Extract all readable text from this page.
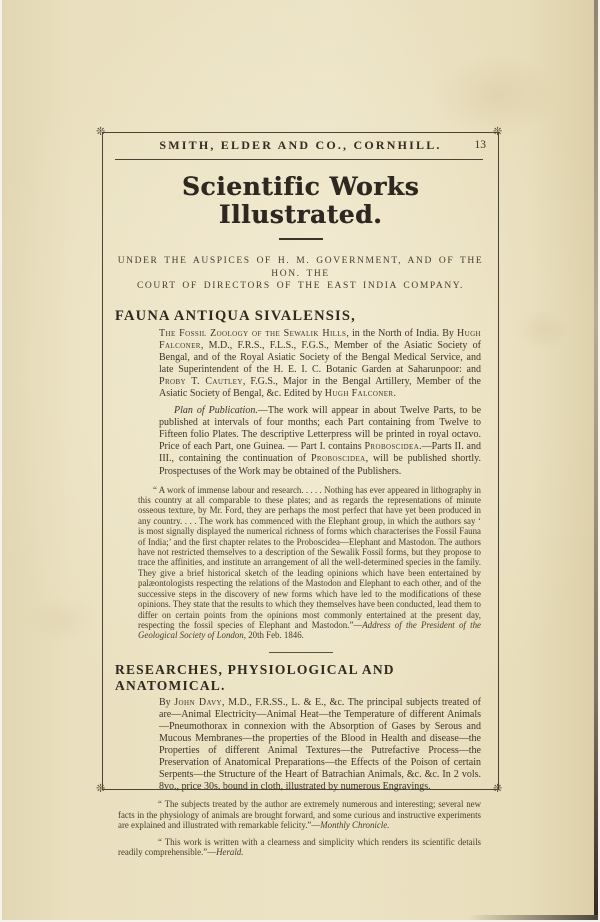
❊	❊
❊	❊
SMITH, ELDER AND CO., CORNHILL.	13
Scientific Works Illustrated.
UNDER THE AUSPICES OF H. M. GOVERNMENT, AND OF THE HON. THE
COURT OF DIRECTORS OF THE EAST INDIA COMPANY.
FAUNA ANTIQUA SIVALENSIS,
The Fossil Zoology of the Sewalik Hills, in the North of India. By Hugh Falconer, M.D., F.R.S., F.L.S., F.G.S., Member of the Asiatic Society of Bengal, and of the Royal Asiatic Society of the Bengal Medical Service, and late Superintendent of the H. E. I. C. Botanic Garden at Saharunpoor: and Proby T. Cautley, F.G.S., Major in the Bengal Artillery, Member of the Asiatic Society of Bengal, &c. Edited by Hugh Falconer.
Plan of Publication.—The work will appear in about Twelve Parts, to be published at intervals of four months; each Part containing from Twelve to Fifteen folio Plates. The descriptive Letterpress will be printed in royal octavo. Price of each Part, one Guinea. — Part I. contains Proboscidea.—Parts II. and III., containing the continuation of Proboscidea, will be published shortly. Prospectuses of the Work may be obtained of the Publishers.
“ A work of immense labour and research. . . . . Nothing has ever appeared in lithography in this country at all comparable to these plates; and as regards the representations of minute osseous texture, by Mr. Ford, they are perhaps the most perfect that have yet been produced in any country. . . . The work has commenced with the Elephant group, in which the authors say ‘ is most signally displayed the numerical richness of forms which characterises the Fossil Fauna of India;’ and the first chapter relates to the Proboscidea—Elephant and Mastodon. The authors have not restricted themselves to a description of the Sewalik Fossil forms, but they propose to trace the affinities, and institute an arrangement of all the well-determined species in the family. They give a brief historical sketch of the leading opinions which have been entertained by palæontologists respecting the relations of the Mastodon and Elephant to each other, and of the successive steps in the discovery of new forms which have led to the modifications of these opinions. They state that the results to which they themselves have been conducted, lead them to differ on certain points from the opinions most commonly entertained at the present day, respecting the fossil species of Elephant and Mastodon.”—Address of the President of the Geological Society of London, 20th Feb. 1846.
RESEARCHES, PHYSIOLOGICAL AND ANATOMICAL.
By John Davy, M.D., F.R.SS., L. & E., &c. The principal subjects treated of are—Animal Electricity—Animal Heat—the Temperature of different Animals—Pneumothorax in connexion with the Absorption of Gases by Serous and Mucous Membranes—the properties of the Blood in Health and disease—the Properties of different Animal Textures—the Putrefactive Process—the Preservation of Anatomical Preparations—the Effects of the Poison of certain Serpents—the Structure of the Heart of Batrachian Animals, &c. &c. In 2 vols. 8vo., price 30s. bound in cloth, illustrated by numerous Engravings.
“ The subjects treated by the author are extremely numerous and interesting; several new facts in the physiology of animals are brought forward, and some curious and instructive experiments are explained and illustrated with remarkable felicity.”—Monthly Chronicle.
“ This work is written with a clearness and simplicity which renders its scientific details readily comprehensible.”—Herald.
